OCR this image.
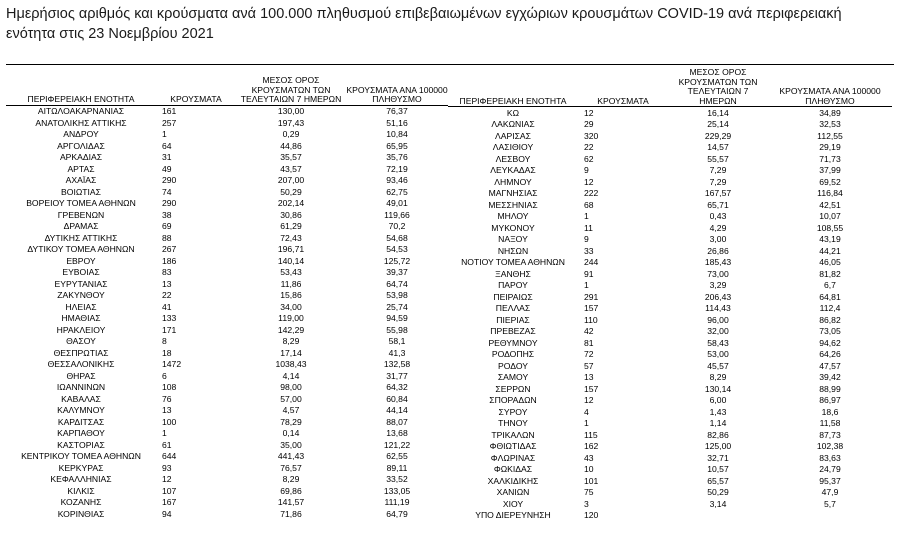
Ημερήσιος αριθμός και κρούσματα ανά 100.000 πληθυσμού επιβεβαιωμένων εγχώριων κρουσμάτων COVID-19 ανά περιφερειακή
ενότητα στις 23 Νοεμβρίου 2021
ΠΕΡΙΦΕΡΕΙΑΚΗ ΕΝΟΤΗΤΑ	ΚΡΟΥΣΜΑΤΑ	ΜΕΣΟΣ ΟΡΟΣ ΚΡΟΥΣΜΑΤΩΝ ΤΩΝ ΤΕΛΕΥΤΑΙΩΝ 7 ΗΜΕΡΩΝ	ΚΡΟΥΣΜΑΤΑ ΑΝΑ 100000 ΠΛΗΘΥΣΜΟ
ΑΙΤΩΛΟΑΚΑΡΝΑΝΙΑΣ	161	130,00	76,37
ΑΝΑΤΟΛΙΚΗΣ ΑΤΤΙΚΗΣ	257	197,43	51,16
ΑΝΔΡΟΥ	1	0,29	10,84
ΑΡΓΟΛΙΔΑΣ	64	44,86	65,95
ΑΡΚΑΔΙΑΣ	31	35,57	35,76
ΑΡΤΑΣ	49	43,57	72,19
ΑΧΑΪΑΣ	290	207,00	93,46
ΒΟΙΩΤΙΑΣ	74	50,29	62,75
ΒΟΡΕΙΟΥ ΤΟΜΕΑ ΑΘΗΝΩΝ	290	202,14	49,01
ΓΡΕΒΕΝΩΝ	38	30,86	119,66
ΔΡΑΜΑΣ	69	61,29	70,2
ΔΥΤΙΚΗΣ ΑΤΤΙΚΗΣ	88	72,43	54,68
ΔΥΤΙΚΟΥ ΤΟΜΕΑ ΑΘΗΝΩΝ	267	196,71	54,53
ΕΒΡΟΥ	186	140,14	125,72
ΕΥΒΟΙΑΣ	83	53,43	39,37
ΕΥΡΥΤΑΝΙΑΣ	13	11,86	64,74
ΖΑΚΥΝΘΟΥ	22	15,86	53,98
ΗΛΕΙΑΣ	41	34,00	25,74
ΗΜΑΘΙΑΣ	133	119,00	94,59
ΗΡΑΚΛΕΙΟΥ	171	142,29	55,98
ΘΑΣΟΥ	8	8,29	58,1
ΘΕΣΠΡΩΤΙΑΣ	18	17,14	41,3
ΘΕΣΣΑΛΟΝΙΚΗΣ	1472	1038,43	132,58
ΘΗΡΑΣ	6	4,14	31,77
ΙΩΑΝΝΙΝΩΝ	108	98,00	64,32
ΚΑΒΑΛΑΣ	76	57,00	60,84
ΚΑΛΥΜΝΟΥ	13	4,57	44,14
ΚΑΡΔΙΤΣΑΣ	100	78,29	88,07
ΚΑΡΠΑΘΟΥ	1	0,14	13,68
ΚΑΣΤΟΡΙΑΣ	61	35,00	121,22
ΚΕΝΤΡΙΚΟΥ ΤΟΜΕΑ ΑΘΗΝΩΝ	644	441,43	62,55
ΚΕΡΚΥΡΑΣ	93	76,57	89,11
ΚΕΦΑΛΛΗΝΙΑΣ	12	8,29	33,52
ΚΙΛΚΙΣ	107	69,86	133,05
ΚΟΖΑΝΗΣ	167	141,57	111,19
ΚΟΡΙΝΘΙΑΣ	94	71,86	64,79
ΠΕΡΙΦΕΡΕΙΑΚΗ ΕΝΟΤΗΤΑ	ΚΡΟΥΣΜΑΤΑ	ΜΕΣΟΣ ΟΡΟΣ ΚΡΟΥΣΜΑΤΩΝ ΤΩΝ ΤΕΛΕΥΤΑΙΩΝ 7 ΗΜΕΡΩΝ	ΚΡΟΥΣΜΑΤΑ ΑΝΑ 100000 ΠΛΗΘΥΣΜΟ
ΚΩ	12	16,14	34,89
ΛΑΚΩΝΙΑΣ	29	25,14	32,53
ΛΑΡΙΣΑΣ	320	229,29	112,55
ΛΑΣΙΘΙΟΥ	22	14,57	29,19
ΛΕΣΒΟΥ	62	55,57	71,73
ΛΕΥΚΑΔΑΣ	9	7,29	37,99
ΛΗΜΝΟΥ	12	7,29	69,52
ΜΑΓΝΗΣΙΑΣ	222	167,57	116,84
ΜΕΣΣΗΝΙΑΣ	68	65,71	42,51
ΜΗΛΟΥ	1	0,43	10,07
ΜΥΚΟΝΟΥ	11	4,29	108,55
ΝΑΞΟΥ	9	3,00	43,19
ΝΗΣΩΝ	33	26,86	44,21
ΝΟΤΙΟΥ ΤΟΜΕΑ ΑΘΗΝΩΝ	244	185,43	46,05
ΞΑΝΘΗΣ	91	73,00	81,82
ΠΑΡΟΥ	1	3,29	6,7
ΠΕΙΡΑΙΩΣ	291	206,43	64,81
ΠΕΛΛΑΣ	157	114,43	112,4
ΠΙΕΡΙΑΣ	110	96,00	86,82
ΠΡΕΒΕΖΑΣ	42	32,00	73,05
ΡΕΘΥΜΝΟΥ	81	58,43	94,62
ΡΟΔΟΠΗΣ	72	53,00	64,26
ΡΟΔΟΥ	57	45,57	47,57
ΣΑΜΟΥ	13	8,29	39,42
ΣΕΡΡΩΝ	157	130,14	88,99
ΣΠΟΡΑΔΩΝ	12	6,00	86,97
ΣΥΡΟΥ	4	1,43	18,6
ΤΗΝΟΥ	1	1,14	11,58
ΤΡΙΚΑΛΩΝ	115	82,86	87,73
ΦΘΙΩΤΙΔΑΣ	162	125,00	102,38
ΦΛΩΡΙΝΑΣ	43	32,71	83,63
ΦΩΚΙΔΑΣ	10	10,57	24,79
ΧΑΛΚΙΔΙΚΗΣ	101	65,57	95,37
ΧΑΝΙΩΝ	75	50,29	47,9
ΧΙΟΥ	3	3,14	5,7
ΥΠΟ ΔΙΕΡΕΥΝΗΣΗ	120		
